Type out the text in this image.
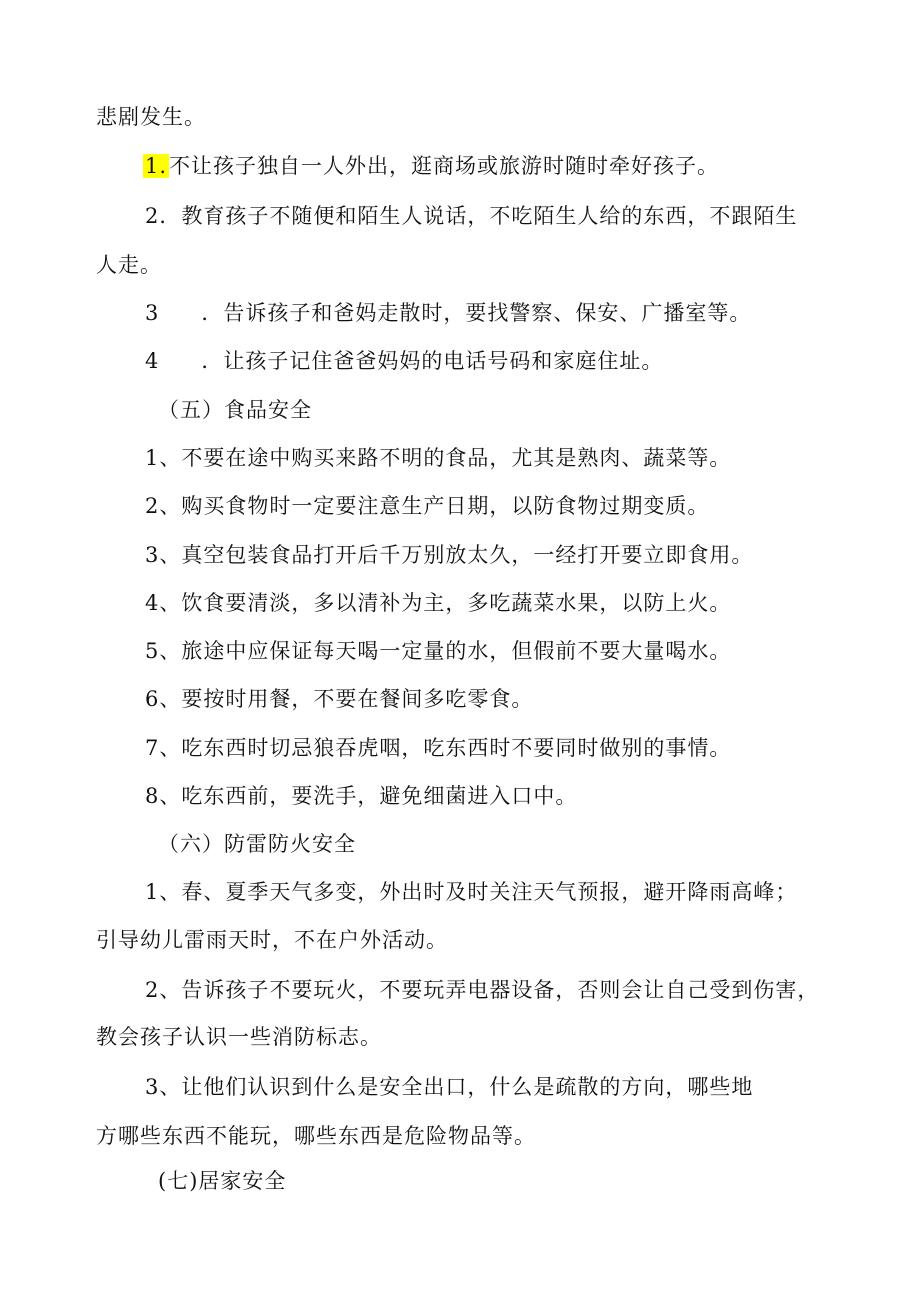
悲剧发生。
1.不让孩子独自一人外出，逛商场或旅游时随时牵好孩子。
2．教育孩子不随便和陌生人说话，不吃陌生人给的东西，不跟陌生
人走。
3 ．告诉孩子和爸妈走散时，要找警察、保安、广播室等。
4 ．让孩子记住爸爸妈妈的电话号码和家庭住址。
（五）食品安全
1、不要在途中购买来路不明的食品，尤其是熟肉、蔬菜等。
2、购买食物时一定要注意生产日期，以防食物过期变质。
3、真空包装食品打开后千万别放太久，一经打开要立即食用。
4、饮食要清淡，多以清补为主，多吃蔬菜水果，以防上火。
5、旅途中应保证每天喝一定量的水，但假前不要大量喝水。
6、要按时用餐，不要在餐间多吃零食。
7、吃东西时切忌狼吞虎咽，吃东西时不要同时做别的事情。
8、吃东西前，要洗手，避免细菌进入口中。
（六）防雷防火安全
1、春、夏季天气多变，外出时及时关注天气预报，避开降雨高峰；
引导幼儿雷雨天时，不在户外活动。
2、告诉孩子不要玩火，不要玩弄电器设备，否则会让自己受到伤害，
教会孩子认识一些消防标志。
3、让他们认识到什么是安全出口，什么是疏散的方向，哪些地
方哪些东西不能玩，哪些东西是危险物品等。
(七)居家安全
